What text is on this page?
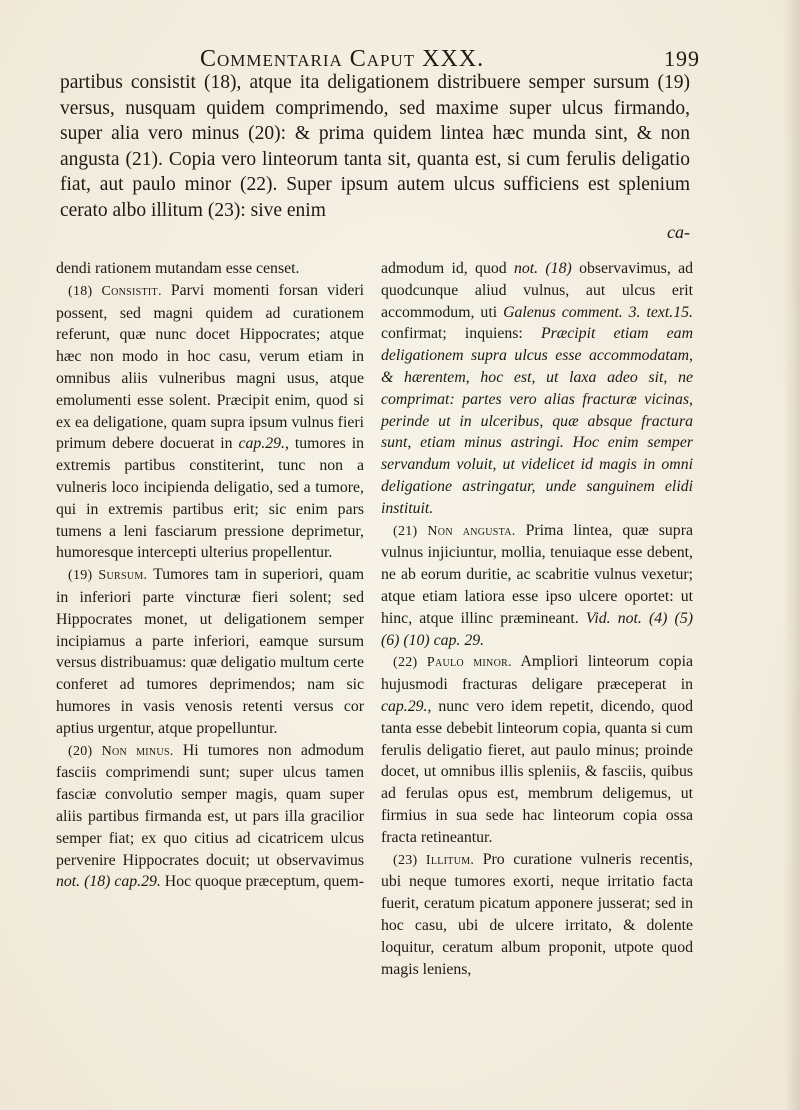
Commentaria Caput XXX.	199

partibus consistit (18), atque ita deligationem distribuere semper sursum (19) versus, nusquam quidem comprimendo, sed maxime super ulcus firmando, super alia vero minus (20): & prima quidem lintea hæc munda sint, & non angusta (21). Copia vero linteorum tanta sit, quanta est, si cum ferulis deligatio fiat, aut paulo minor (22). Super ipsum autem ulcus sufficiens est splenium cerato albo illitum (23): sive enim

ca-

dendi rationem mutandam esse censet.

(18) Consistit. Parvi momenti forsan videri possent, sed magni quidem ad curationem referunt, quæ nunc docet Hippocrates; atque hæc non modo in hoc casu, verum etiam in omnibus aliis vulneribus magni usus, atque emolumenti esse solent. Præcipit enim, quod si ex ea deligatione, quam supra ipsum vulnus fieri primum debere docuerat in cap.29., tumores in extremis partibus constiterint, tunc non a vulneris loco incipienda deligatio, sed a tumore, qui in extremis partibus erit; sic enim pars tumens a leni fasciarum pressione deprimetur, humoresque intercepti ulterius propellentur.

(19) Sursum. Tumores tam in superiori, quam in inferiori parte vincturæ fieri solent; sed Hippocrates monet, ut deligationem semper incipiamus a parte inferiori, eamque sursum versus distribuamus: quæ deligatio multum certe conferet ad tumores deprimendos; nam sic humores in vasis venosis retenti versus cor aptius urgentur, atque propelluntur.

(20) Non minus. Hi tumores non admodum fasciis comprimendi sunt; super ulcus tamen fasciæ convolutio semper magis, quam super aliis partibus firmanda est, ut pars illa gracilior semper fiat; ex quo citius ad cicatricem ulcus pervenire Hippocrates docuit; ut observavimus not. (18) cap.29. Hoc quoque præceptum, quem-

admodum id, quod not. (18) observavimus, ad quodcunque aliud vulnus, aut ulcus erit accommodum, uti Galenus comment. 3. text.15. confirmat; inquiens: Præcipit etiam eam deligationem supra ulcus esse accommodatam, & hærentem, hoc est, ut laxa adeo sit, ne comprimat: partes vero alias fracturæ vicinas, perinde ut in ulceribus, quæ absque fractura sunt, etiam minus astringi. Hoc enim semper servandum voluit, ut videlicet id magis in omni deligatione astringatur, unde sanguinem elidi instituit.

(21) Non angusta. Prima lintea, quæ supra vulnus injiciuntur, mollia, tenuiaque esse debent, ne ab eorum duritie, ac scabritie vulnus vexetur; atque etiam latiora esse ipso ulcere oportet: ut hinc, atque illinc præmineant. Vid. not. (4) (5) (6) (10) cap. 29.

(22) Paulo minor. Ampliori linteorum copia hujusmodi fracturas deligare præceperat in cap.29., nunc vero idem repetit, dicendo, quod tanta esse debebit linteorum copia, quanta si cum ferulis deligatio fieret, aut paulo minus; proinde docet, ut omnibus illis spleniis, & fasciis, quibus ad ferulas opus est, membrum deligemus, ut firmius in sua sede hac linteorum copia ossa fracta retineantur.

(23) Illitum. Pro curatione vulneris recentis, ubi neque tumores exorti, neque irritatio facta fuerit, ceratum picatum apponere jusserat; sed in hoc casu, ubi de ulcere irritato, & dolente loquitur, ceratum album proponit, utpote quod magis leniens,
